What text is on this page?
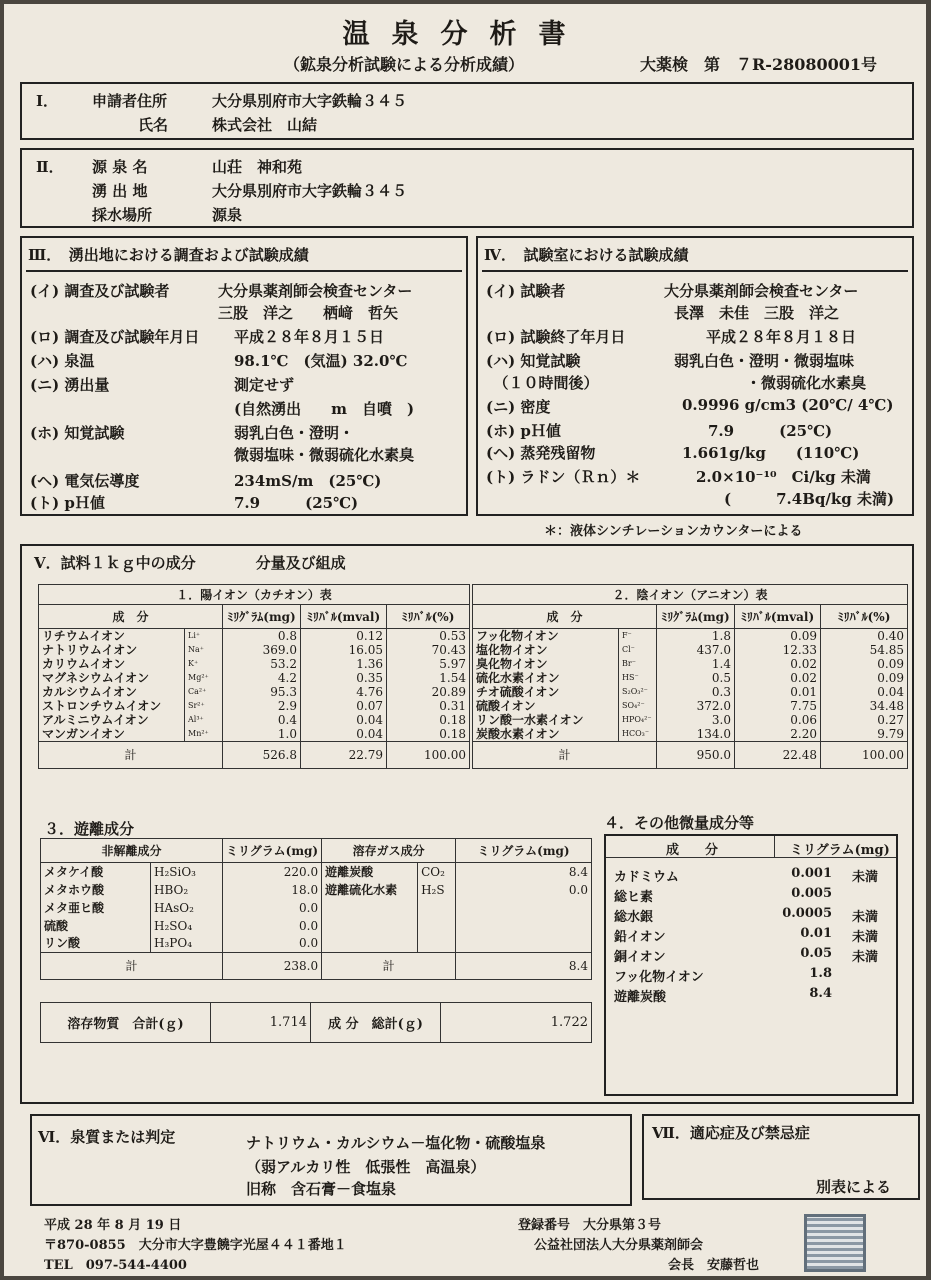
温泉分析書
（鉱泉分析試験による分析成績）	大薬検　第　７R-28080001号
Ⅰ． 申請者住所	大分県別府市大字鉄輪３４５
氏名	株式会社　山結
Ⅱ． 源 泉 名	山荘　神和苑
湧 出 地	大分県別府市大字鉄輪３４５
採水場所	源泉
Ⅲ．　湧出地における調査および試験成績
(イ) 調査及び試験者	大分県薬剤師会検査センター
三股　洋之　　栖﨑　哲矢
(ロ) 調査及び試験年月日 平成２８年８月１５日
(ハ) 泉温	98.1℃　(気温) 32.0℃
(ニ) 湧出量	測定せず
(自然湧出　　m　自噴　)
(ホ) 知覚試験	弱乳白色・澄明・
微弱塩味・微弱硫化水素臭
(ヘ) 電気伝導度	234mS/m　(25℃)
(ト) pＨ値	7.9　　　(25℃)
Ⅳ．　試験室における試験成績
(イ) 試験者	大分県薬剤師会検査センター
長澤　未佳　三股　洋之
(ロ) 試験終了年月日	平成２８年８月１８日
(ハ) 知覚試験	弱乳白色・澄明・微弱塩味
　（１０時間後）	・微弱硫化水素臭
(ニ) 密度	0.9996 g/cm3 (20℃/ 4℃)
(ホ) pＨ値	7.9　　　(25℃)
(ヘ) 蒸発残留物	1.661g/kg　　(110℃)
(ト) ラドン（Ｒｎ）＊	2.0×10⁻¹⁰　Ci/kg 未満
(　　　7.4Bq/kg 未満)
＊：液体シンチレーションカウンターによる
Ⅴ．試料１ｋｇ中の成分　　　　分量及び組成
１．陽イオン（カチオン）表				
成　分		ﾐﾘｸﾞﾗﾑ(mg)	ﾐﾘﾊﾞﾙ(mval)	ﾐﾘﾊﾞﾙ(%)
リチウムイオン	Li⁺	0.8	0.12	0.53
ナトリウムイオン	Na⁺	369.0	16.05	70.43
カリウムイオン	K⁺	53.2	1.36	5.97
マグネシウムイオン	Mg²⁺	4.2	0.35	1.54
カルシウムイオン	Ca²⁺	95.3	4.76	20.89
ストロンチウムイオン	Sr²⁺	2.9	0.07	0.31
アルミニウムイオン	Al³⁺	0.4	0.04	0.18
マンガンイオン	Mn²⁺	1.0	0.04	0.18
計		526.8	22.79	100.00
２．陰イオン（アニオン）表				
成　分		ﾐﾘｸﾞﾗﾑ(mg)	ﾐﾘﾊﾞﾙ(mval)	ﾐﾘﾊﾞﾙ(%)
フッ化物イオン	F⁻	1.8	0.09	0.40
塩化物イオン	Cl⁻	437.0	12.33	54.85
臭化物イオン	Br⁻	1.4	0.02	0.09
硫化水素イオン	HS⁻	0.5	0.02	0.09
チオ硫酸イオン	S₂O₃²⁻	0.3	0.01	0.04
硫酸イオン	SO₄²⁻	372.0	7.75	34.48
リン酸一水素イオン	HPO₄²⁻	3.0	0.06	0.27
炭酸水素イオン	HCO₃⁻	134.0	2.20	9.79
計		950.0	22.48	100.00
３．遊離成分
非解離成分		ミリグラム(mg)	溶存ガス成分		ミリグラム(mg)
メタケイ酸	H₂SiO₃	220.0	遊離炭酸	CO₂	8.4
メタホウ酸	HBO₂	18.0	遊離硫化水素	H₂S	0.0
メタ亜ヒ酸	HAsO₂	0.0			
硫酸	H₂SO₄	0.0			
リン酸	H₃PO₄	0.0			
計		238.0	計		8.4
溶存物質　合計(ｇ)	1.714	成 分　総計(ｇ)	1.722
４．その他微量成分等
成　　分	ミリグラム(mg)
カドミウム	0.001 未満
総ヒ素	0.005
総水銀	0.0005 未満
鉛イオン	0.01 未満
銅イオン	0.05 未満
フッ化物イオン	1.8
遊離炭酸	8.4
Ⅵ．泉質または判定	ナトリウム・カルシウム－塩化物・硫酸塩泉
（弱アルカリ性　低張性　高温泉）
旧称　含石膏－食塩泉
Ⅶ．適応症及び禁忌症
別表による
平成 28 年 8 月 19 日
〒870-0855　大分市大字豊饒字光屋４４１番地１
TEL　097-544-4400
登録番号　大分県第３号
公益社団法人大分県薬剤師会
会長　安藤哲也
